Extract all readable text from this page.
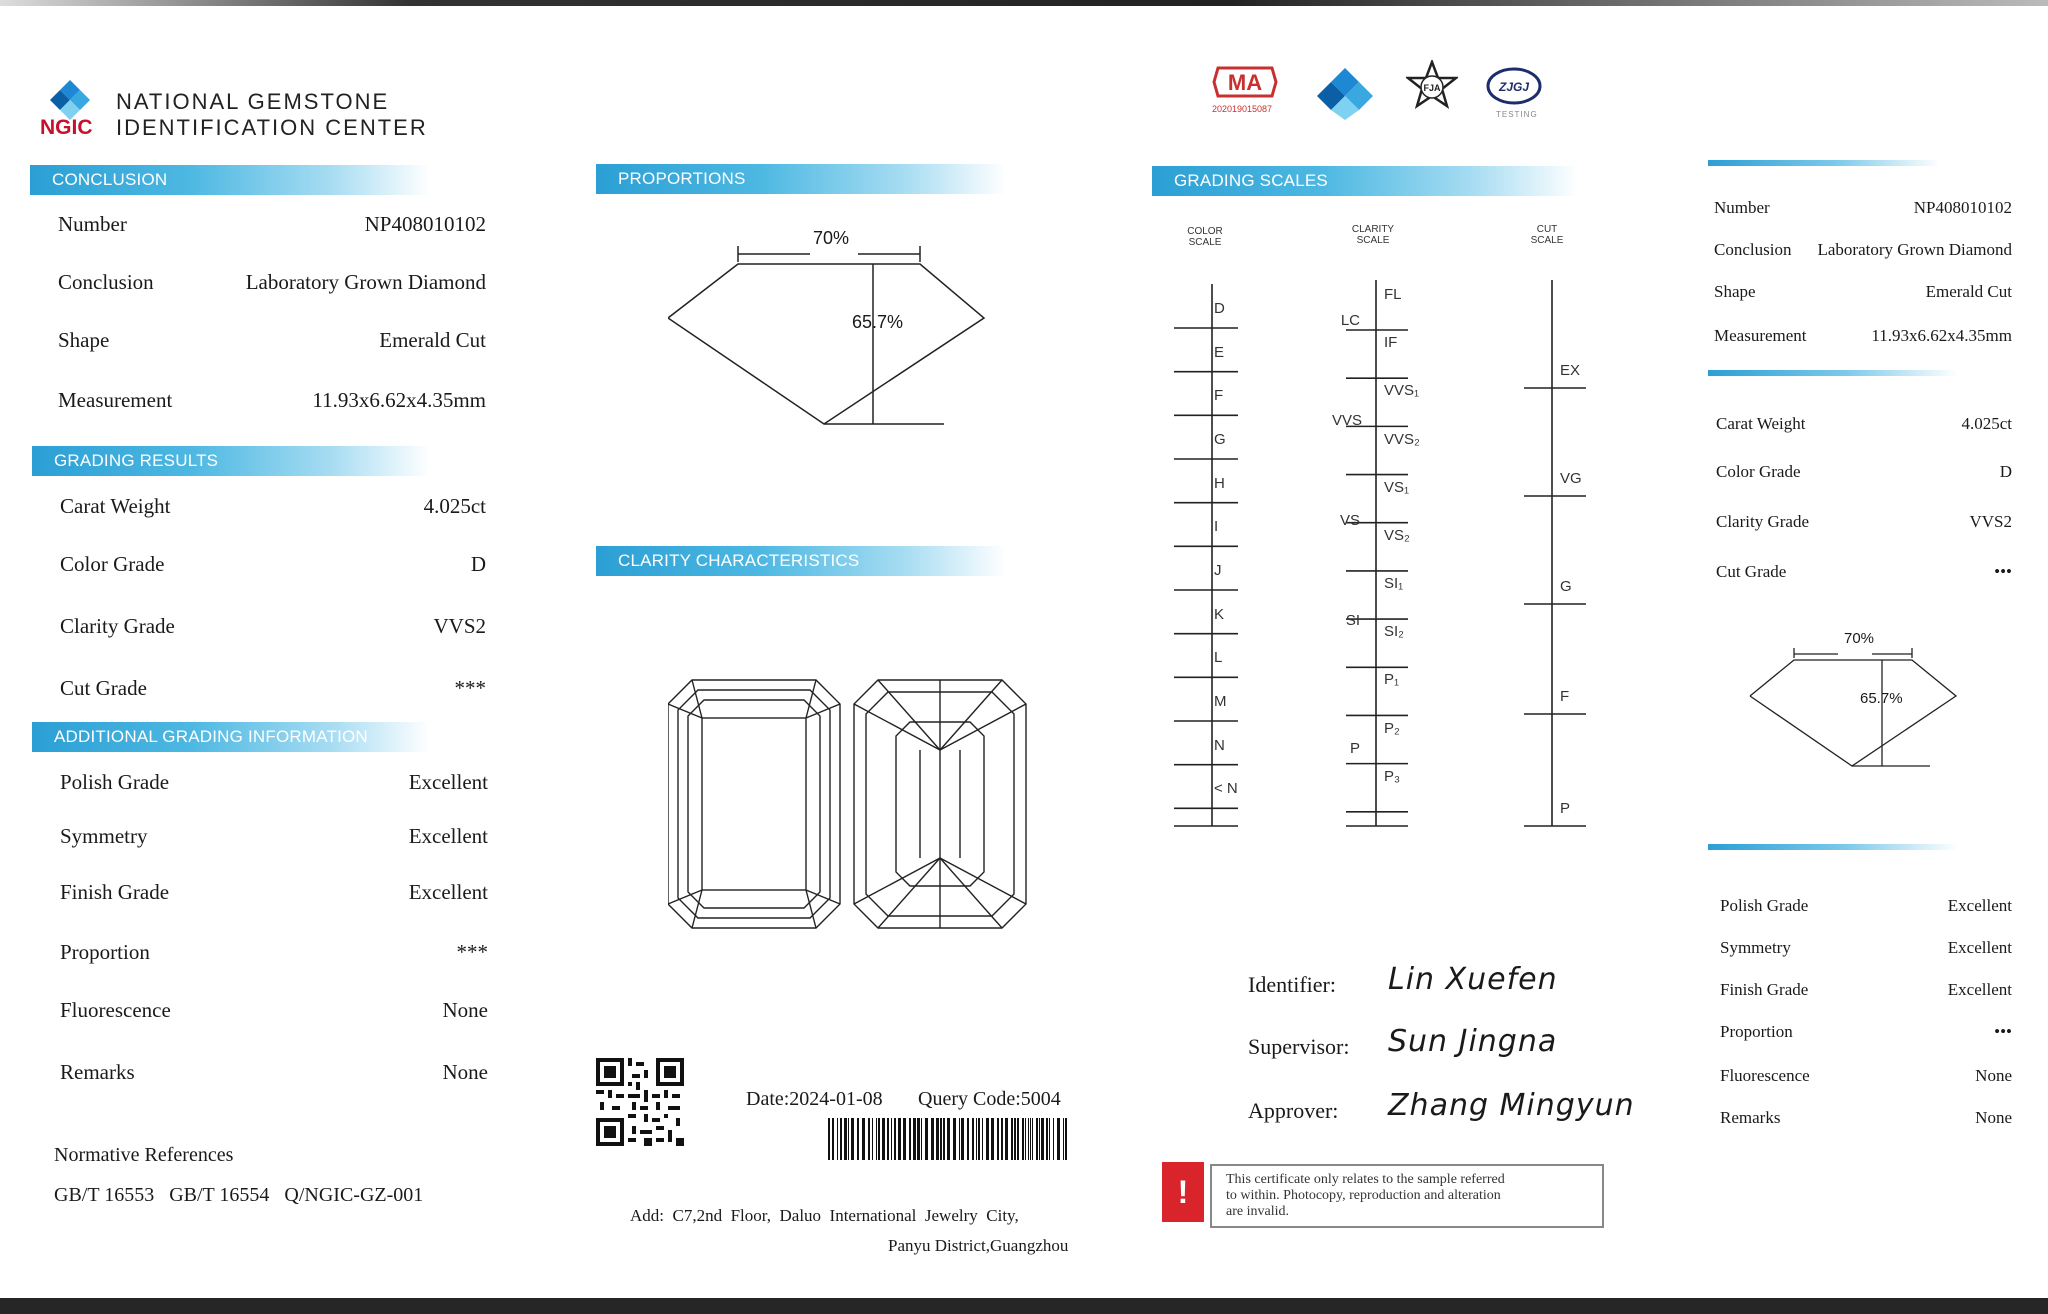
NGIC
NATIONAL GEMSTONE
IDENTIFICATION CENTER
CONCLUSION
Number	NP408010102
Conclusion	Laboratory Grown Diamond
Shape	Emerald Cut
Measurement	11.93x6.62x4.35mm
GRADING RESULTS
Carat Weight	4.025ct
Color Grade	D
Clarity Grade	VVS2
Cut Grade	***
ADDITIONAL GRADING INFORMATION
Polish Grade	Excellent
Symmetry	Excellent
Finish Grade	Excellent
Proportion	***
Fluorescence	None
Remarks	None
Normative References
GB/T 16553   GB/T 16554   Q/NGIC-GZ-001
PROPORTIONS
70%
65.7%
CLARITY CHARACTERISTICS
Date:2024-01-08 Query Code:5004
Add:  C7,2nd  Floor,  Daluo  International  Jewelry  City,
Panyu District,Guangzhou
MA
202019015087
FJA	ZJGJ
TESTING
GRADING SCALES
COLOR
SCALE
CLARITY
SCALE
CUT
SCALE
D
E
F
G
H
I
J
K
L
M
N
< N
FL
IF
VVS₁
VVS₂
VS₁
VS₂
SI₁
SI₂
P₁
P₂
P₃
LC
VVS
VS
SI
P
EX
VG
G
F
P
Identifier: Lin Xuefen
Supervisor: Sun Jingna
Approver: Zhang Mingyun
!	This certificate only relates to the sample referred
to within. Photocopy, reproduction and alteration
are invalid.
Number	NP408010102
Conclusion Laboratory Grown Diamond
Shape	Emerald Cut
Measurement	11.93x6.62x4.35mm
Carat Weight	4.025ct
Color Grade	D
Clarity Grade	VVS2
Cut Grade	•••
70%
65.7%
Polish Grade	Excellent
Symmetry	Excellent
Finish Grade	Excellent
Proportion	•••
Fluorescence	None
Remarks	None
